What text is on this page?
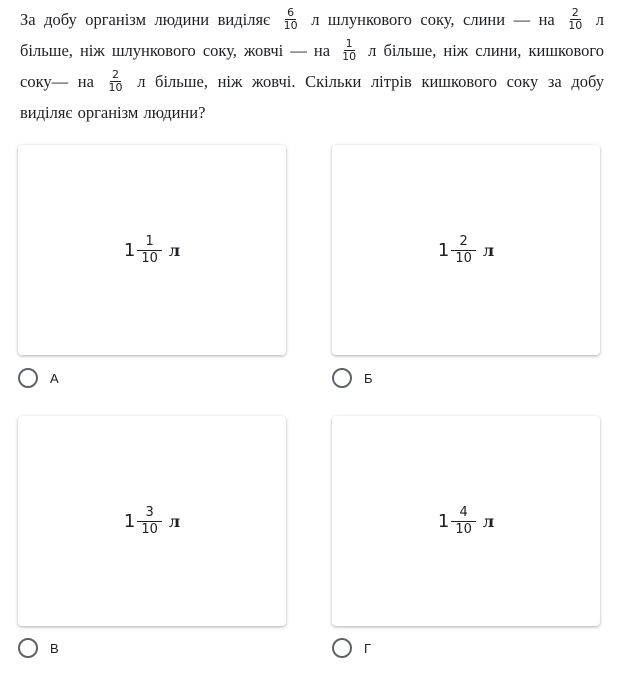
За добу організм людини виділяє $\frac{6}{10}$ л шлункового соку, слини — на $\frac{2}{10}$ л більше, ніж шлункового соку, жовчі — на $\frac{1}{10}$ л більше, ніж слини, кишкового соку— на $\frac{2}{10}$ л більше, ніж жовчі. Скільки літрів кишкового соку за добу виділяє організм людини?
$1 \frac{1}{10}$ л
А
$1 \frac{2}{10}$ л
Б
$1 \frac{3}{10}$ л
В
$1 \frac{4}{10}$ л
Г
